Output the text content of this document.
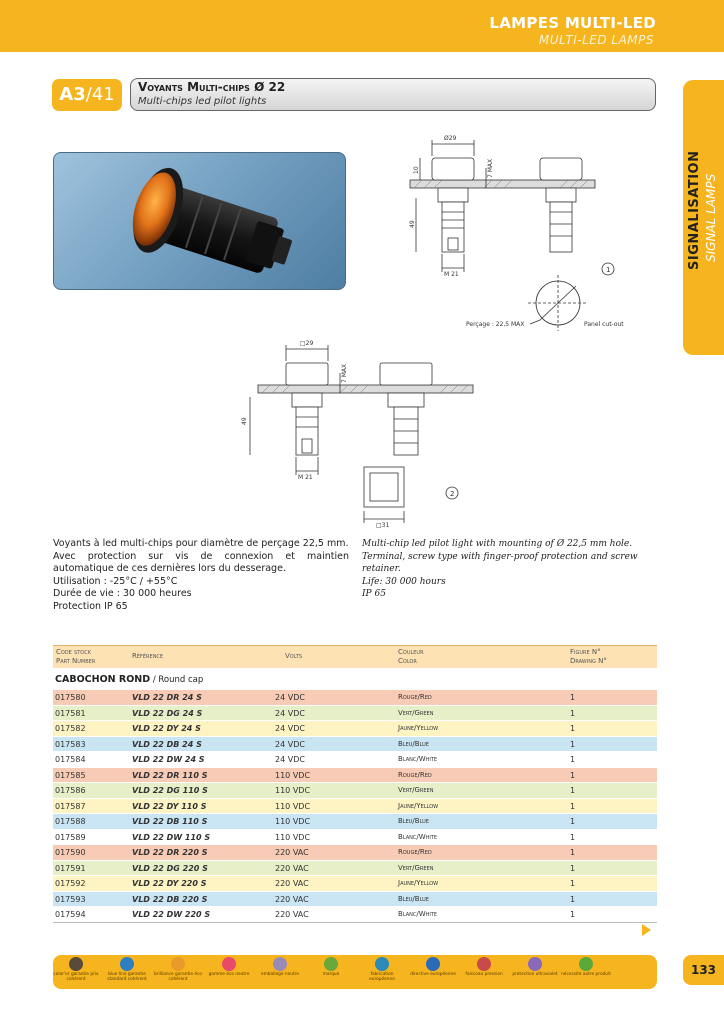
LAMPES MULTI-LED
MULTI-LED LAMPS
SIGNALISATION SIGNAL LAMPS
A3/41	Voyants Multi-chips Ø 22
Multi-chips led pilot lights
Ø29
M 21
7 MAX
49
10
Perçage : 22,5 MAX	Panel cut-out
1
□29
M 21
7 MAX
49
□31
2
Voyants à led multi-chips pour diamètre de perçage 22,5 mm.
Avec protection sur vis de connexion et maintien automatique de ces dernières lors du desserage.
Utilisation : -25°C / +55°C
Durée de vie : 30 000 heures
Protection IP 65
Multi-chip led pilot light with mounting of Ø 22,5 mm hole.
Terminal, screw type with finger-proof protection and screw retainer.
Life: 30 000 hours
IP 65
Code stock
Part Number
Référence	Volts	Couleur
Color
Figure N°
Drawing N°
CABOCHON ROND / Round cap
017580	VLD 22 DR 24 S	24 VDC	Rouge/Red	1
017581	VLD 22 DG 24 S	24 VDC	Vert/Green	1
017582	VLD 22 DY 24 S	24 VDC	Jaune/Yellow	1
017583	VLD 22 DB 24 S	24 VDC	Bleu/Blue	1
017584	VLD 22 DW 24 S	24 VDC	Blanc/White	1
017585	VLD 22 DR 110 S	110 VDC	Rouge/Red	1
017586	VLD 22 DG 110 S	110 VDC	Vert/Green	1
017587	VLD 22 DY 110 S	110 VDC	Jaune/Yellow	1
017588	VLD 22 DB 110 S	110 VDC	Bleu/Blue	1
017589	VLD 22 DW 110 S	110 VDC	Blanc/White	1
017590	VLD 22 DR 220 S	220 VAC	Rouge/Red	1
017591	VLD 22 DG 220 S	220 VAC	Vert/Green	1
017592	VLD 22 DY 220 S	220 VAC	Jaune/Yellow	1
017593	VLD 22 DB 220 S	220 VAC	Bleu/Blue	1
017594	VLD 22 DW 220 S	220 VAC	Blanc/White	1
color'or garantie prix cohérent
blue line garantie standard cohérent
brilliance garantie éco cohérent
gamme éco neutre	emballage neutre	marque	fabrication européenne
directive européenne	faisceau pression	protection ultraviolet nécessite autre produit	133
